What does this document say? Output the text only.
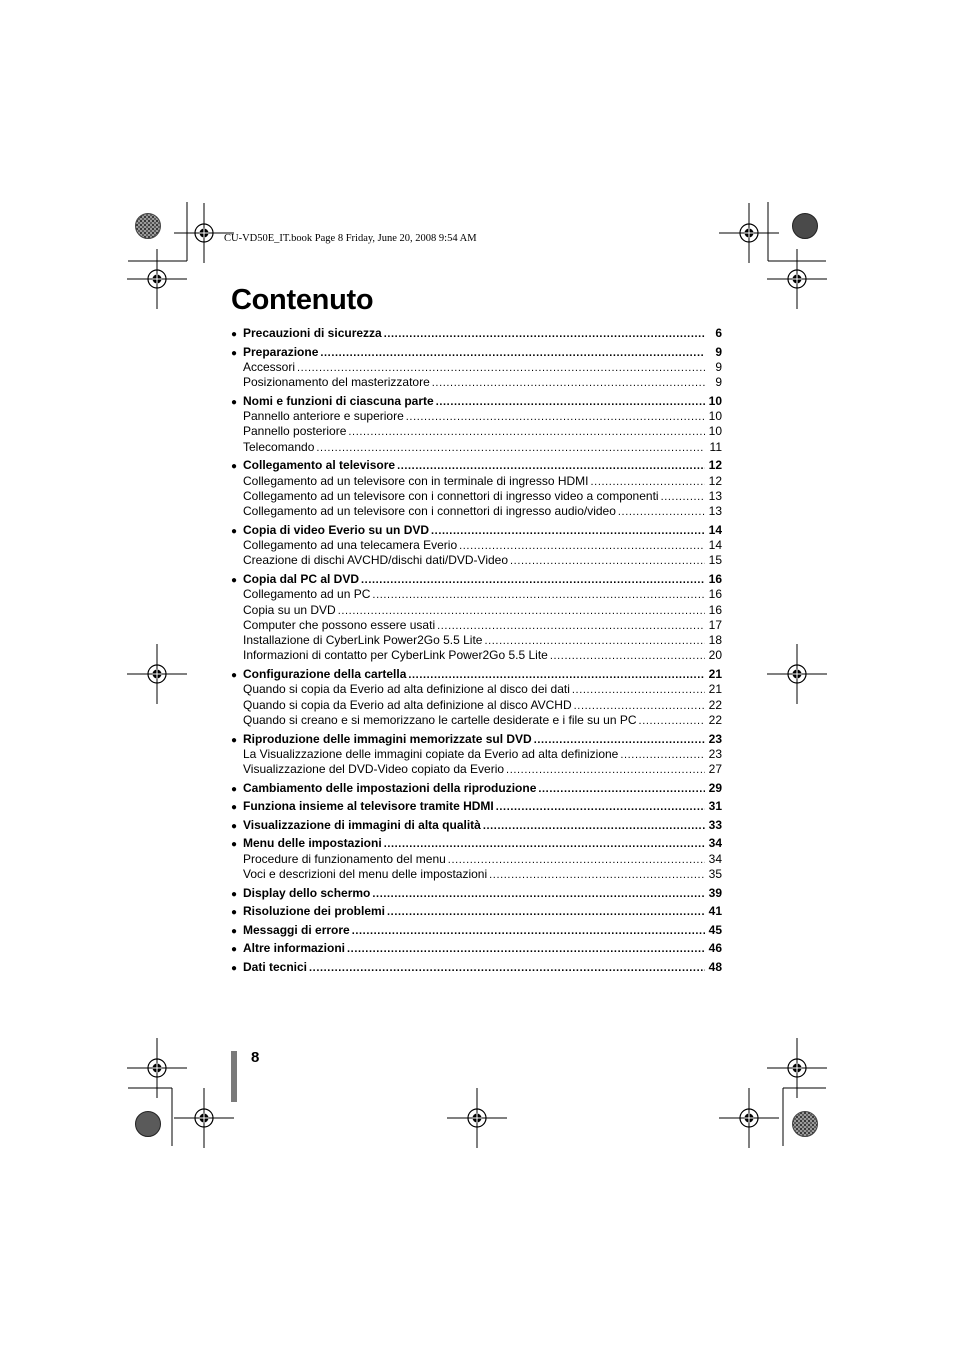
CU-VD50E_IT.book Page 8 Friday, June 20, 2008 9:54 AM
Contenuto
● Precauzioni di sicurezza .....	6
● Preparazione .....	9
Accessori .....	9
Posizionamento del masterizzatore .....	9
● Nomi e funzioni di ciascuna parte .....	10
Pannello anteriore e superiore .....	10
Pannello posteriore .....	10
Telecomando .....	11
● Collegamento al televisore .....	12
Collegamento ad un televisore con in terminale di ingresso HDMI .....	12
Collegamento ad un televisore con i connettori di ingresso video a componenti .....	13
Collegamento ad un televisore con i connettori di ingresso audio/video .....	13
● Copia di video Everio su un DVD .....	14
Collegamento ad una telecamera Everio .....	14
Creazione di dischi AVCHD/dischi dati/DVD-Video .....	15
● Copia dal PC al DVD .....	16
Collegamento ad un PC .....	16
Copia su un DVD .....	16
Computer che possono essere usati .....	17
Installazione di CyberLink Power2Go 5.5 Lite .....	18
Informazioni di contatto per CyberLink Power2Go 5.5 Lite .....	20
● Configurazione della cartella .....	21
Quando si copia da Everio ad alta definizione al disco dei dati .....	21
Quando si copia da Everio ad alta definizione al disco AVCHD .....	22
Quando si creano e si memorizzano le cartelle desiderate e i file su un PC .....	22
● Riproduzione delle immagini memorizzate sul DVD .....	23
La Visualizzazione delle immagini copiate da Everio ad alta definizione .....	23
Visualizzazione del DVD-Video copiato da Everio .....	27
● Cambiamento delle impostazioni della riproduzione .....	29
● Funziona insieme al televisore tramite HDMI .....	31
● Visualizzazione di immagini di alta qualità .....	33
● Menu delle impostazioni .....	34
Procedure di funzionamento del menu .....	34
Voci e descrizioni del menu delle impostazioni .....	35
● Display dello schermo .....	39
● Risoluzione dei problemi .....	41
● Messaggi di errore .....	45
● Altre informazioni .....	46
● Dati tecnici .....	48
8
